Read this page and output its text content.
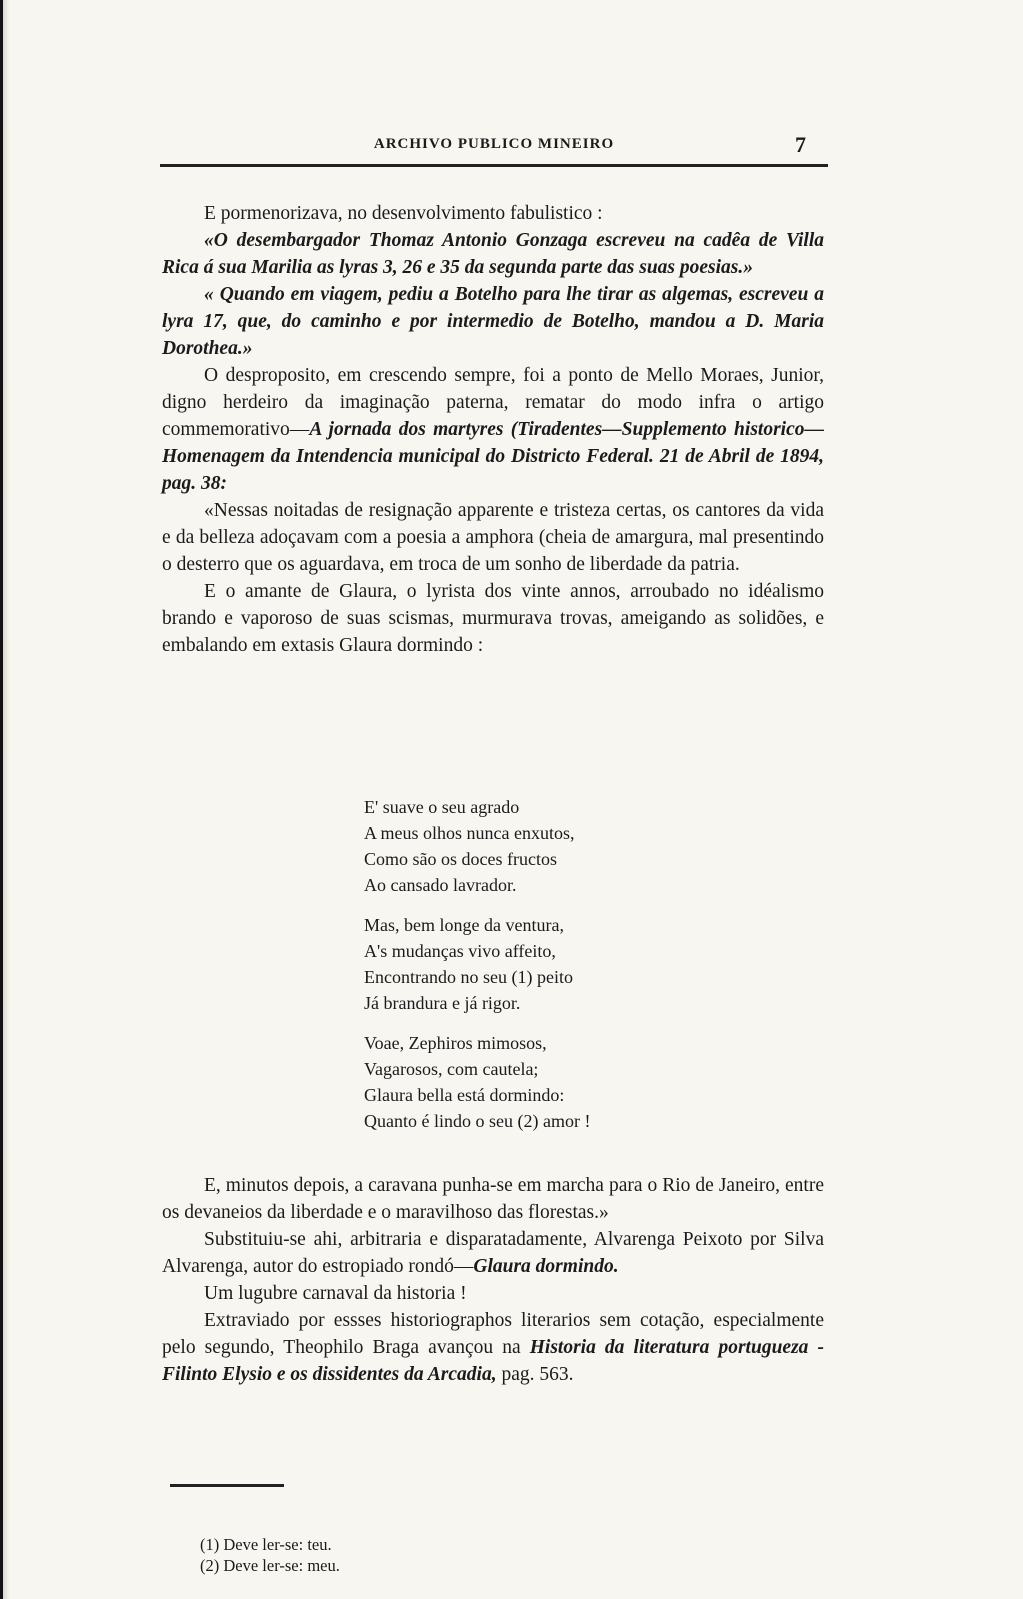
ARCHIVO PUBLICO MINEIRO	7

E pormenorizava, no desenvolvimento fabulistico :

«O desembargador Thomaz Antonio Gonzaga escreveu na cadêa de Villa Rica á sua Marilia as lyras 3, 26 e 35 da segunda parte das suas poesias.»

« Quando em viagem, pediu a Botelho para lhe tirar as algemas, escreveu a lyra 17, que, do caminho e por intermedio de Botelho, mandou a D. Maria Dorothea.»

O desproposito, em crescendo sempre, foi a ponto de Mello Moraes, Junior, digno herdeiro da imaginação paterna, rematar do modo infra o artigo commemorativo—A jornada dos martyres (Tiradentes—Supplemento historico—Homenagem da Intendencia municipal do Districto Federal. 21 de Abril de 1894, pag. 38:

«Nessas noitadas de resignação apparente e tristeza certas, os cantores da vida e da belleza adoçavam com a poesia a amphora (cheia de amargura, mal presentindo o desterro que os aguardava, em troca de um sonho de liberdade da patria.

E o amante de Glaura, o lyrista dos vinte annos, arroubado no idéalismo brando e vaporoso de suas scismas, murmurava trovas, ameigando as solidões, e embalando em extasis Glaura dormindo :

E' suave o seu agrado
A meus olhos nunca enxutos,
Como são os doces fructos
Ao cansado lavrador.
Mas, bem longe da ventura,
A's mudanças vivo affeito,
Encontrando no seu (1) peito
Já brandura e já rigor.
Voae, Zephiros mimosos,
Vagarosos, com cautela;
Glaura bella está dormindo:
Quanto é lindo o seu (2) amor !

E, minutos depois, a caravana punha-se em marcha para o Rio de Janeiro, entre os devaneios da liberdade e o maravilhoso das florestas.»

Substituiu-se ahi, arbitraria e disparatadamente, Alvarenga Peixoto por Silva Alvarenga, autor do estropiado rondó—Glaura dormindo.

Um lugubre carnaval da historia !

Extraviado por essses historiographos literarios sem cotação, especialmente pelo segundo, Theophilo Braga avançou na Historia da literatura portugueza -Filinto Elysio e os dissidentes da Arcadia, pag. 563.

(1) Deve ler-se: teu.
(2) Deve ler-se: meu.
